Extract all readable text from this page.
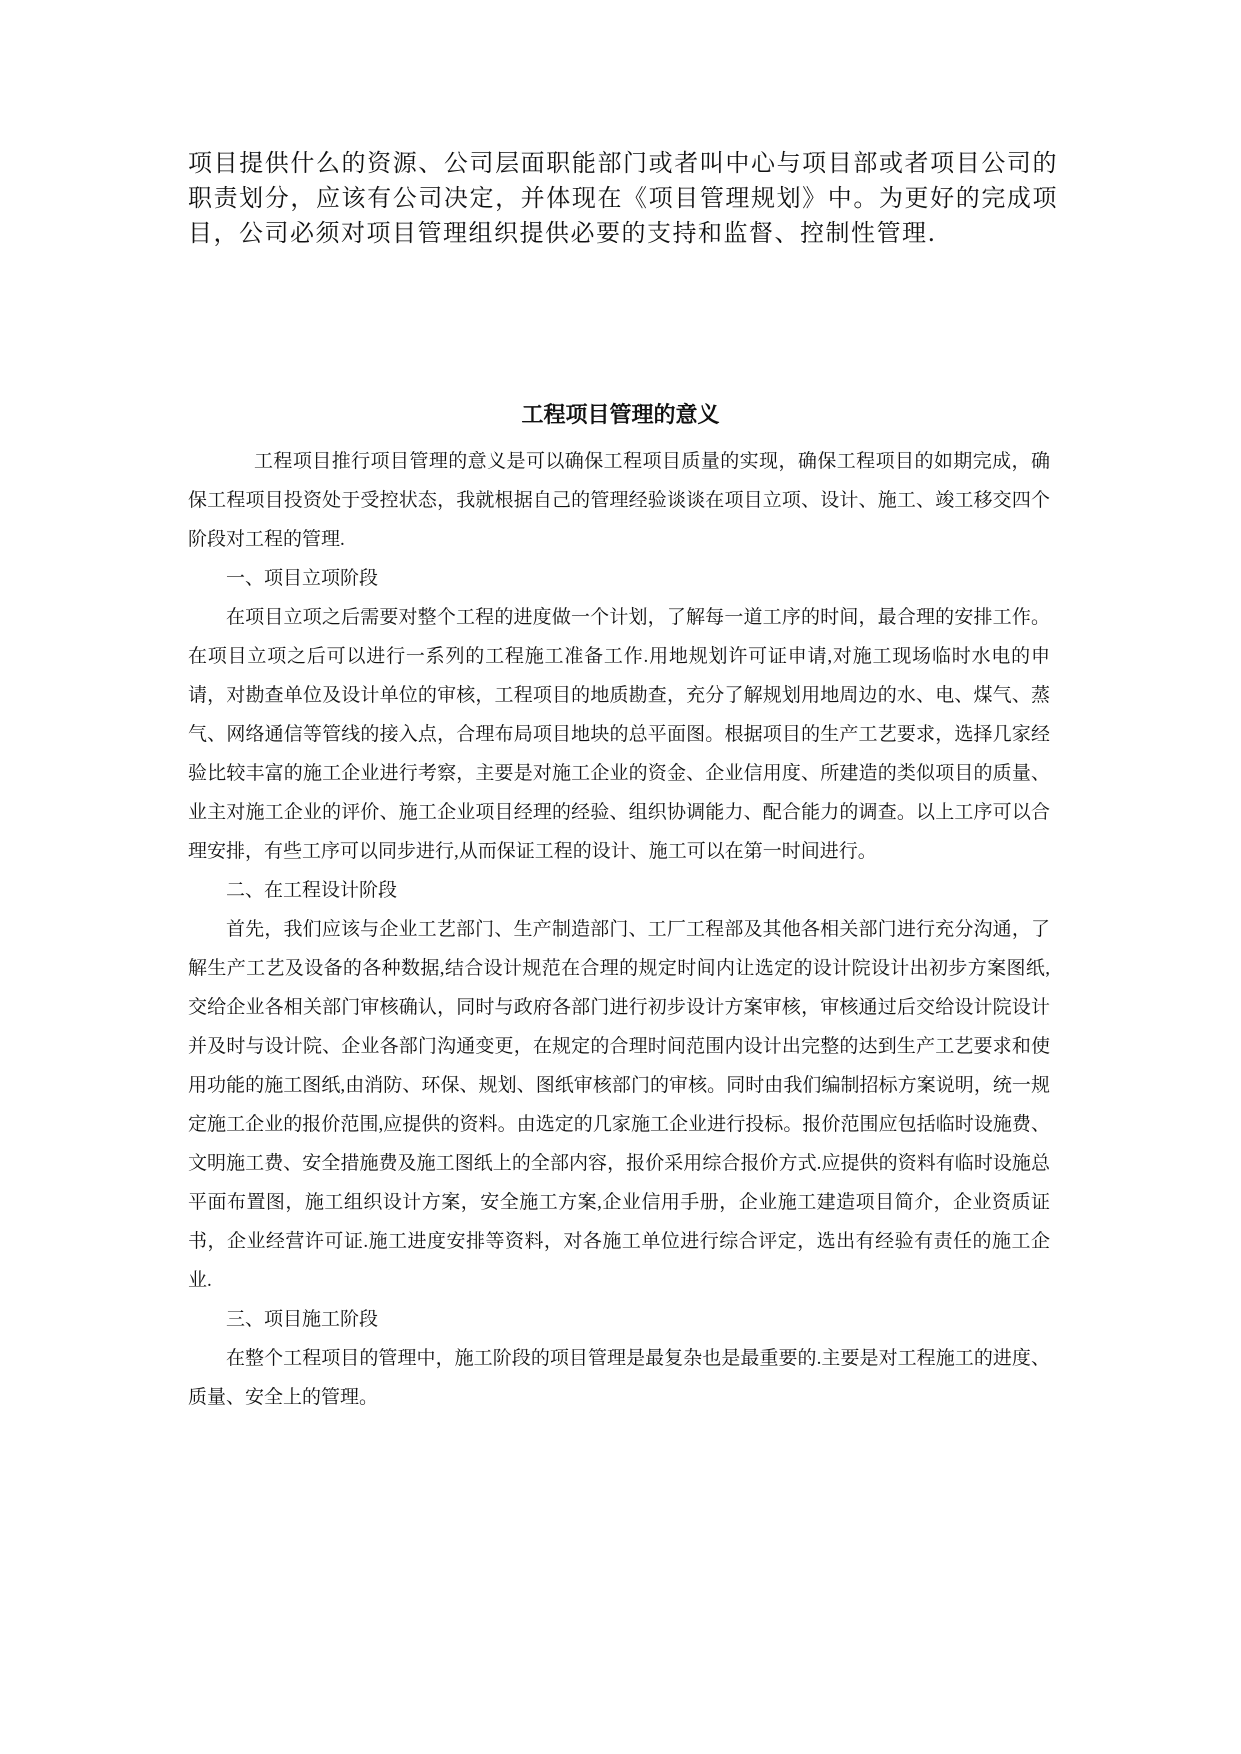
项目提供什么的资源、公司层面职能部门或者叫中心与项目部或者项目公司的职责划分，应该有公司决定，并体现在《项目管理规划》中。为更好的完成项目，公司必须对项目管理组织提供必要的支持和监督、控制性管理.

工程项目管理的意义

工程项目推行项目管理的意义是可以确保工程项目质量的实现，确保工程项目的如期完成，确保工程项目投资处于受控状态，我就根据自己的管理经验谈谈在项目立项、设计、施工、竣工移交四个阶段对工程的管理.

一、项目立项阶段

在项目立项之后需要对整个工程的进度做一个计划，了解每一道工序的时间，最合理的安排工作。在项目立项之后可以进行一系列的工程施工准备工作.用地规划许可证申请,对施工现场临时水电的申请，对勘查单位及设计单位的审核，工程项目的地质勘查，充分了解规划用地周边的水、电、煤气、蒸气、网络通信等管线的接入点，合理布局项目地块的总平面图。根据项目的生产工艺要求，选择几家经验比较丰富的施工企业进行考察，主要是对施工企业的资金、企业信用度、所建造的类似项目的质量、业主对施工企业的评价、施工企业项目经理的经验、组织协调能力、配合能力的调查。以上工序可以合理安排，有些工序可以同步进行,从而保证工程的设计、施工可以在第一时间进行。

二、在工程设计阶段

首先，我们应该与企业工艺部门、生产制造部门、工厂工程部及其他各相关部门进行充分沟通，了解生产工艺及设备的各种数据,结合设计规范在合理的规定时间内让选定的设计院设计出初步方案图纸,交给企业各相关部门审核确认，同时与政府各部门进行初步设计方案审核，审核通过后交给设计院设计并及时与设计院、企业各部门沟通变更，在规定的合理时间范围内设计出完整的达到生产工艺要求和使用功能的施工图纸,由消防、环保、规划、图纸审核部门的审核。同时由我们编制招标方案说明，统一规定施工企业的报价范围,应提供的资料。由选定的几家施工企业进行投标。报价范围应包括临时设施费、文明施工费、安全措施费及施工图纸上的全部内容，报价采用综合报价方式.应提供的资料有临时设施总平面布置图，施工组织设计方案，安全施工方案,企业信用手册，企业施工建造项目简介，企业资质证书，企业经营许可证.施工进度安排等资料，对各施工单位进行综合评定，选出有经验有责任的施工企业.

三、项目施工阶段

在整个工程项目的管理中，施工阶段的项目管理是最复杂也是最重要的.主要是对工程施工的进度、质量、安全上的管理。
